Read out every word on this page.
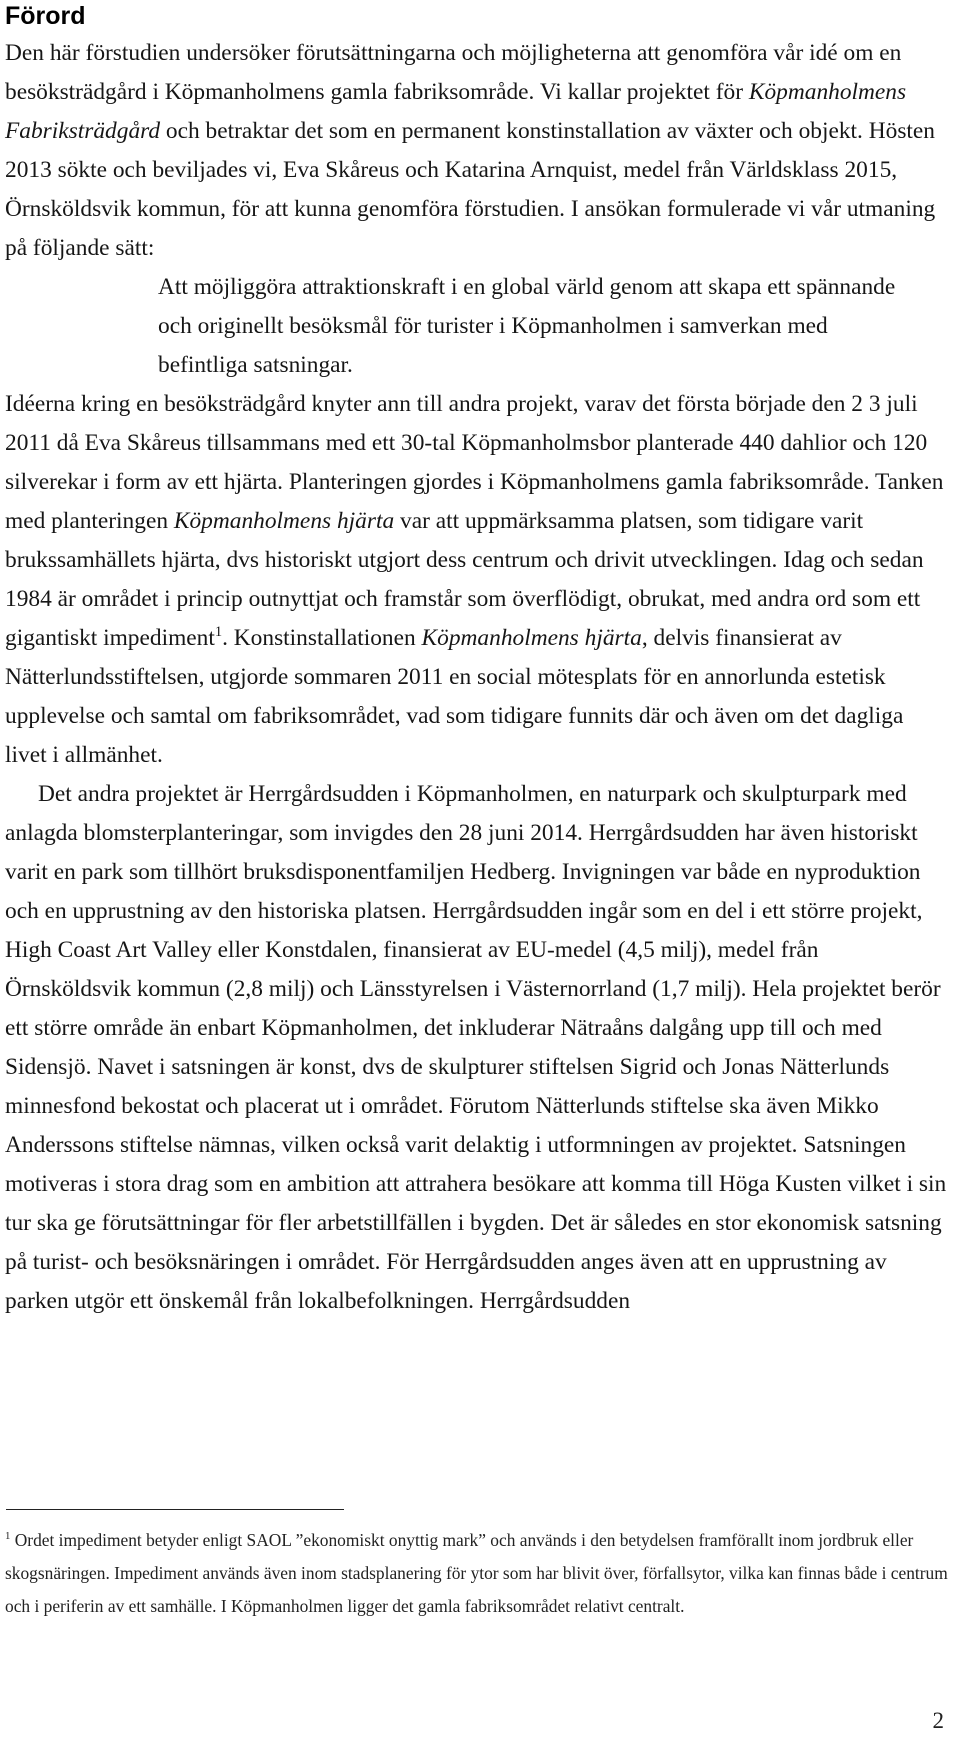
Förord

Den här förstudien undersöker förutsättningarna och möjligheterna att genomföra vår idé om en besöksträdgård i Köpmanholmens gamla fabriksområde. Vi kallar projektet för Köpmanholmens Fabriksträdgård och betraktar det som en permanent konstinstallation av växter och objekt. Hösten 2013 sökte och beviljades vi, Eva Skåreus och Katarina Arnquist, medel från Världsklass 2015, Örnsköldsvik kommun, för att kunna genomföra förstudien. I ansökan formulerade vi vår utmaning på följande sätt:

Att möjliggöra attraktionskraft i en global värld genom att skapa ett spännande och originellt besöksmål för turister i Köpmanholmen i samverkan med befintliga satsningar.

Idéerna kring en besöksträdgård knyter ann till andra projekt, varav det första började den 2 3 juli 2011 då Eva Skåreus tillsammans med ett 30-tal Köpmanholmsbor planterade 440 dahlior och 120 silverekar i form av ett hjärta. Planteringen gjordes i Köpmanholmens gamla fabriksområde. Tanken med planteringen Köpmanholmens hjärta var att uppmärksamma platsen, som tidigare varit brukssamhällets hjärta, dvs historiskt utgjort dess centrum och drivit utvecklingen. Idag och sedan 1984 är området i princip outnyttjat och framstår som överflödigt, obrukat, med andra ord som ett gigantiskt impediment$^1$. Konstinstallationen Köpmanholmens hjärta, delvis finansierat av Nätterlundsstiftelsen, utgjorde sommaren 2011 en social mötesplats för en annorlunda estetisk upplevelse och samtal om fabriksområdet, vad som tidigare funnits där och även om det dagliga livet i allmänhet.

Det andra projektet är Herrgårdsudden i Köpmanholmen, en naturpark och skulpturpark med anlagda blomsterplanteringar, som invigdes den 28 juni 2014. Herrgårdsudden har även historiskt varit en park som tillhört bruksdisponentfamiljen Hedberg. Invigningen var både en nyproduktion och en upprustning av den historiska platsen. Herrgårdsudden ingår som en del i ett större projekt, High Coast Art Valley eller Konstdalen, finansierat av EU-medel (4,5 milj), medel från Örnsköldsvik kommun (2,8 milj) och Länsstyrelsen i Västernorrland (1,7 milj). Hela projektet berör ett större område än enbart Köpmanholmen, det inkluderar Nätraåns dalgång upp till och med Sidensjö. Navet i satsningen är konst, dvs de skulpturer stiftelsen Sigrid och Jonas Nätterlunds minnesfond bekostat och placerat ut i området. Förutom Nätterlunds stiftelse ska även Mikko Anderssons stiftelse nämnas, vilken också varit delaktig i utformningen av projektet. Satsningen motiveras i stora drag som en ambition att attrahera besökare att komma till Höga Kusten vilket i sin tur ska ge förutsättningar för fler arbetstillfällen i bygden. Det är således en stor ekonomisk satsning på turist- och besöksnäringen i området. För Herrgårdsudden anges även att en upprustning av parken utgör ett önskemål från lokalbefolkningen. Herrgårdsudden

$^1$ Ordet impediment betyder enligt SAOL ”ekonomiskt onyttig mark” och används i den betydelsen framförallt inom jordbruk eller skogsnäringen. Impediment används även inom stadsplanering för ytor som har blivit över, förfallsytor, vilka kan finnas både i centrum och i periferin av ett samhälle. I Köpmanholmen ligger det gamla fabriksområdet relativt centralt.

2
